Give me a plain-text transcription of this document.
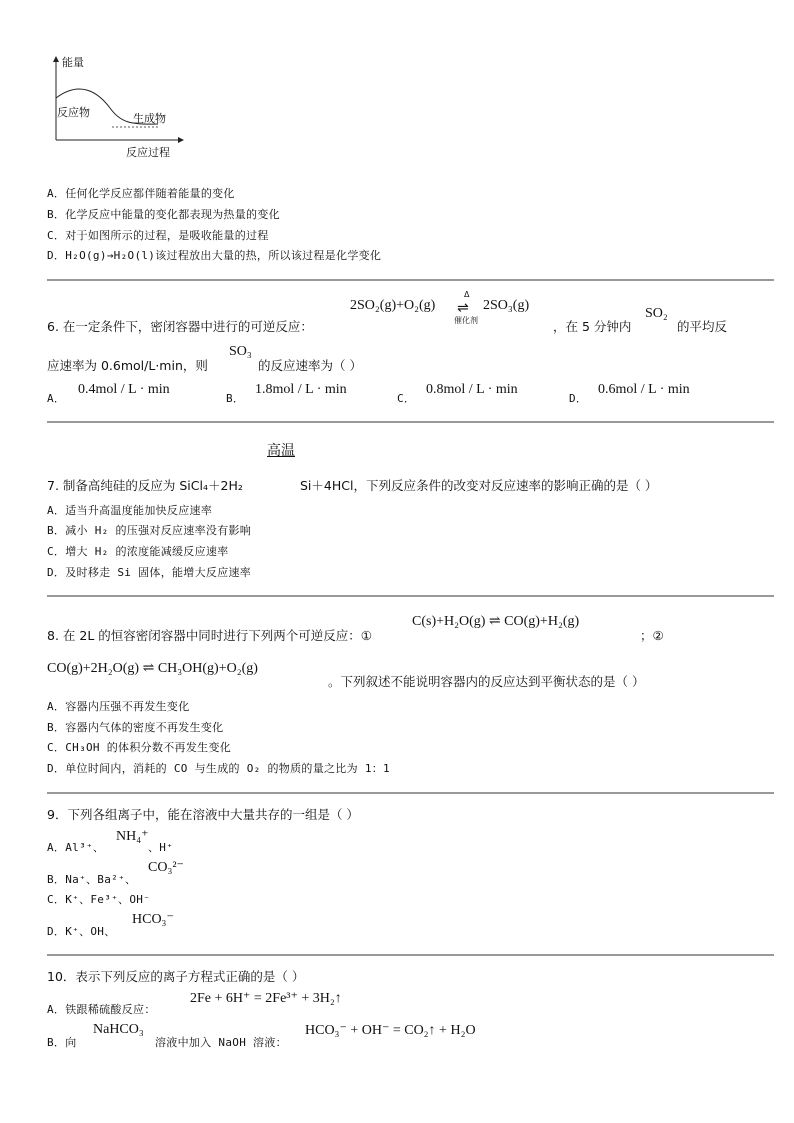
能量
反应物	生成物
反应过程
A．任何化学反应都伴随着能量的变化
B．化学反应中能量的变化都表现为热量的变化
C．对于如图所示的过程，是吸收能量的过程
D．H₂O(g)→H₂O(l)该过程放出大量的热，所以该过程是化学变化
6. 在一定条件下，密闭容器中进行的可逆反应：
2SO₂(g)+O₂(g)
Δ
⇌
催化剂
2SO₃(g)
，在 5 分钟内
SO₂
的平均反
应速率为 0.6mol/L·min，则
SO₃
的反应速率为（ ）
A．
0.4mol / L · min
B．
1.8mol / L · min
C．
0.8mol / L · min
D．
0.6mol / L · min
高温
7. 制备高纯硅的反应为 SiCl₄＋2H₂	Si＋4HCl，下列反应条件的改变对反应速率的影响正确的是（ ）
A．适当升高温度能加快反应速率
B．减小 H₂ 的压强对反应速率没有影响
C．增大 H₂ 的浓度能减缓反应速率
D．及时移走 Si 固体，能增大反应速率
8. 在 2L 的恒容密闭容器中同时进行下列两个可逆反应：①
C(s)+H₂O(g) ⇌ CO(g)+H₂(g)
；②
CO(g)+2H₂O(g) ⇌ CH₃OH(g)+O₂(g)
。下列叙述不能说明容器内的反应达到平衡状态的是（ ）
A．容器内压强不再发生变化
B．容器内气体的密度不再发生变化
C．CH₃OH 的体积分数不再发生变化
D．单位时间内，消耗的 CO 与生成的 O₂ 的物质的量之比为 1：1
9．下列各组离子中，能在溶液中大量共存的一组是（ ）
A．Al³⁺、
NH₄⁺
、H⁺
B．Na⁺、Ba²⁺、
CO₃²⁻
C．K⁺、Fe³⁺、OH⁻
D．K⁺、OH、
HCO₃⁻
10．表示下列反应的离子方程式正确的是（ ）
A．铁跟稀硫酸反应：
2Fe + 6H⁺ = 2Fe³⁺ + 3H₂↑
B．向
NaHCO₃
溶液中加入 NaOH 溶液：
HCO₃⁻ + OH⁻ = CO₂↑ + H₂O
